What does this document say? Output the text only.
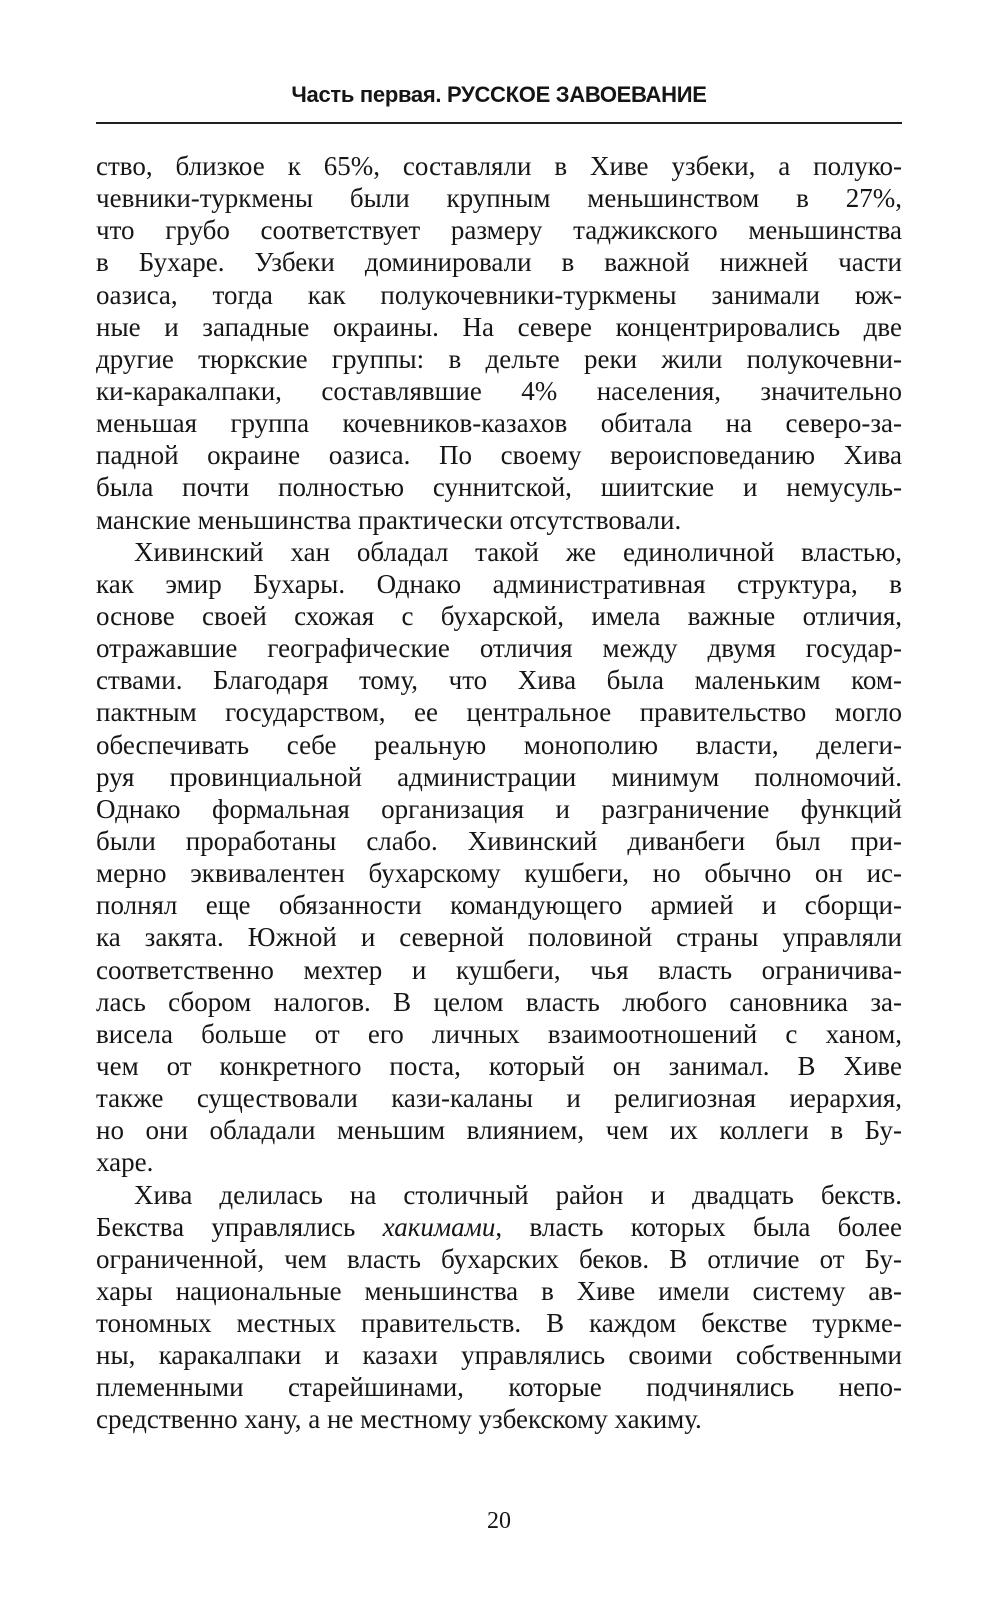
Часть первая. РУССКОЕ ЗАВОЕВАНИЕ
ство, близкое к 65%, составляли в Хиве узбеки, а полуко-
чевники-туркмены были крупным меньшинством в 27%,
что грубо соответствует размеру таджикского меньшинства
в Бухаре. Узбеки доминировали в важной нижней части
оазиса, тогда как полукочевники-туркмены занимали юж-
ные и западные окраины. На севере концентрировались две
другие тюркские группы: в дельте реки жили полукочевни-
ки-каракалпаки, составлявшие 4% населения, значительно
меньшая группа кочевников-казахов обитала на северо-за-
падной окраине оазиса. По своему вероисповеданию Хива
была почти полностью суннитской, шиитские и немусуль-
манские меньшинства практически отсутствовали.
Хивинский хан обладал такой же единоличной властью,
как эмир Бухары. Однако административная структура, в
основе своей схожая с бухарской, имела важные отличия,
отражавшие географические отличия между двумя государ-
ствами. Благодаря тому, что Хива была маленьким ком-
пактным государством, ее центральное правительство могло
обеспечивать себе реальную монополию власти, делеги-
руя провинциальной администрации минимум полномочий.
Однако формальная организация и разграничение функций
были проработаны слабо. Хивинский диванбеги был при-
мерно эквивалентен бухарскому кушбеги, но обычно он ис-
полнял еще обязанности командующего армией и сборщи-
ка закята. Южной и северной половиной страны управляли
соответственно мехтер и кушбеги, чья власть ограничива-
лась сбором налогов. В целом власть любого сановника за-
висела больше от его личных взаимоотношений с ханом,
чем от конкретного поста, который он занимал. В Хиве
также существовали кази-каланы и религиозная иерархия,
но они обладали меньшим влиянием, чем их коллеги в Бу-
харе.
Хива делилась на столичный район и двадцать бекств.
Бекства управлялись хакимами, власть которых была более
ограниченной, чем власть бухарских беков. В отличие от Бу-
хары национальные меньшинства в Хиве имели систему ав-
тономных местных правительств. В каждом бекстве туркме-
ны, каракалпаки и казахи управлялись своими собственными
племенными старейшинами, которые подчинялись непо-
средственно хану, а не местному узбекскому хакиму.
20
